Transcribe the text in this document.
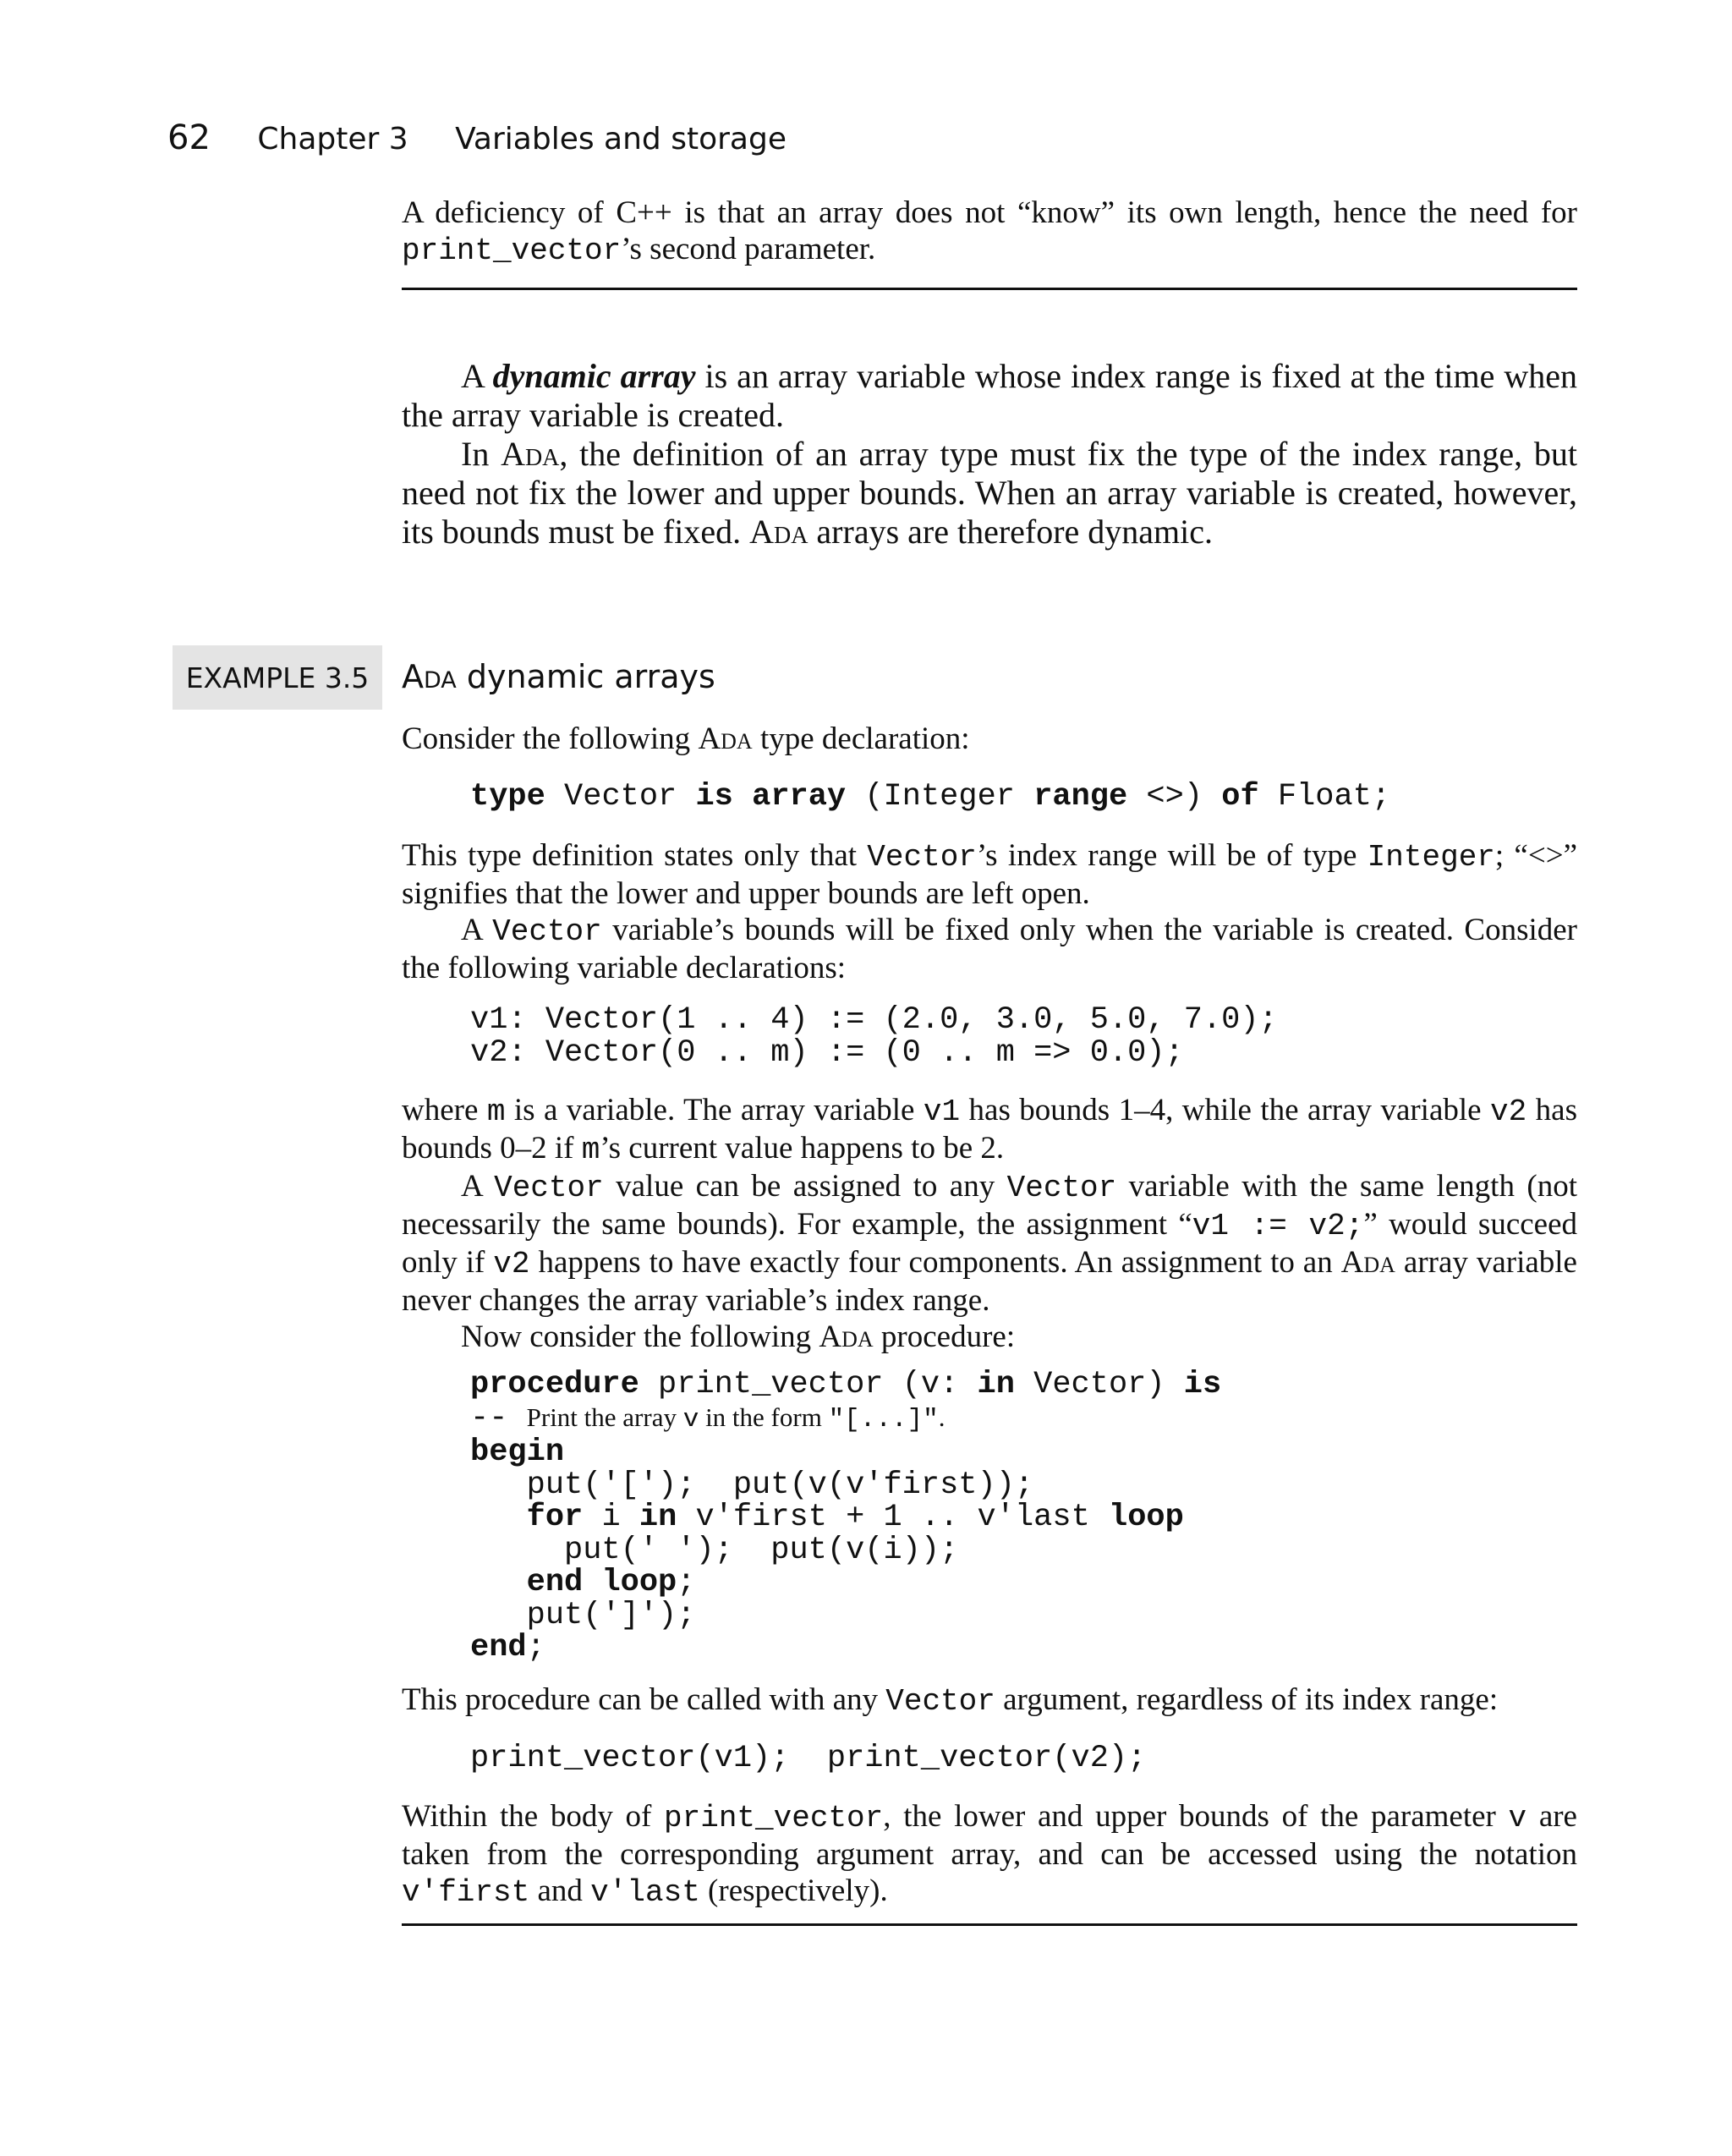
62 Chapter 3 Variables and storage

A deficiency of C++ is that an array does not “know” its own length, hence the need for print_vector’s second parameter.

A dynamic array is an array variable whose index range is fixed at the time when the array variable is created.

In Ada, the definition of an array type must fix the type of the index range, but need not fix the lower and upper bounds. When an array variable is created, however, its bounds must be fixed. Ada arrays are therefore dynamic.

EXAMPLE 3.5	Ada dynamic arrays

Consider the following Ada type declaration:

type Vector is array (Integer range <>) of Float;

This type definition states only that Vector’s index range will be of type Integer; “<>” signifies that the lower and upper bounds are left open.

A Vector variable’s bounds will be fixed only when the variable is created. Consider the following variable declarations:

v1: Vector(1 .. 4) := (2.0, 3.0, 5.0, 7.0);
v2: Vector(0 .. m) := (0 .. m => 0.0);

where m is a variable. The array variable v1 has bounds 1–4, while the array variable v2 has bounds 0–2 if m’s current value happens to be 2.

A Vector value can be assigned to any Vector variable with the same length (not necessarily the same bounds). For example, the assignment “v1 := v2;” would succeed only if v2 happens to have exactly four components. An assignment to an Ada array variable never changes the array variable’s index range.

Now consider the following Ada procedure:

procedure print_vector (v: in Vector) is
-- Print the array v in the form "[...]".
begin
put('[');  put(v(v'first));
for i in v'first + 1 .. v'last loop
put(' ');  put(v(i));
end loop;
put(']');
end;

This procedure can be called with any Vector argument, regardless of its index range:

print_vector(v1);  print_vector(v2);

Within the body of print_vector, the lower and upper bounds of the parameter v are taken from the corresponding argument array, and can be accessed using the notation v'first and v'last (respectively).
